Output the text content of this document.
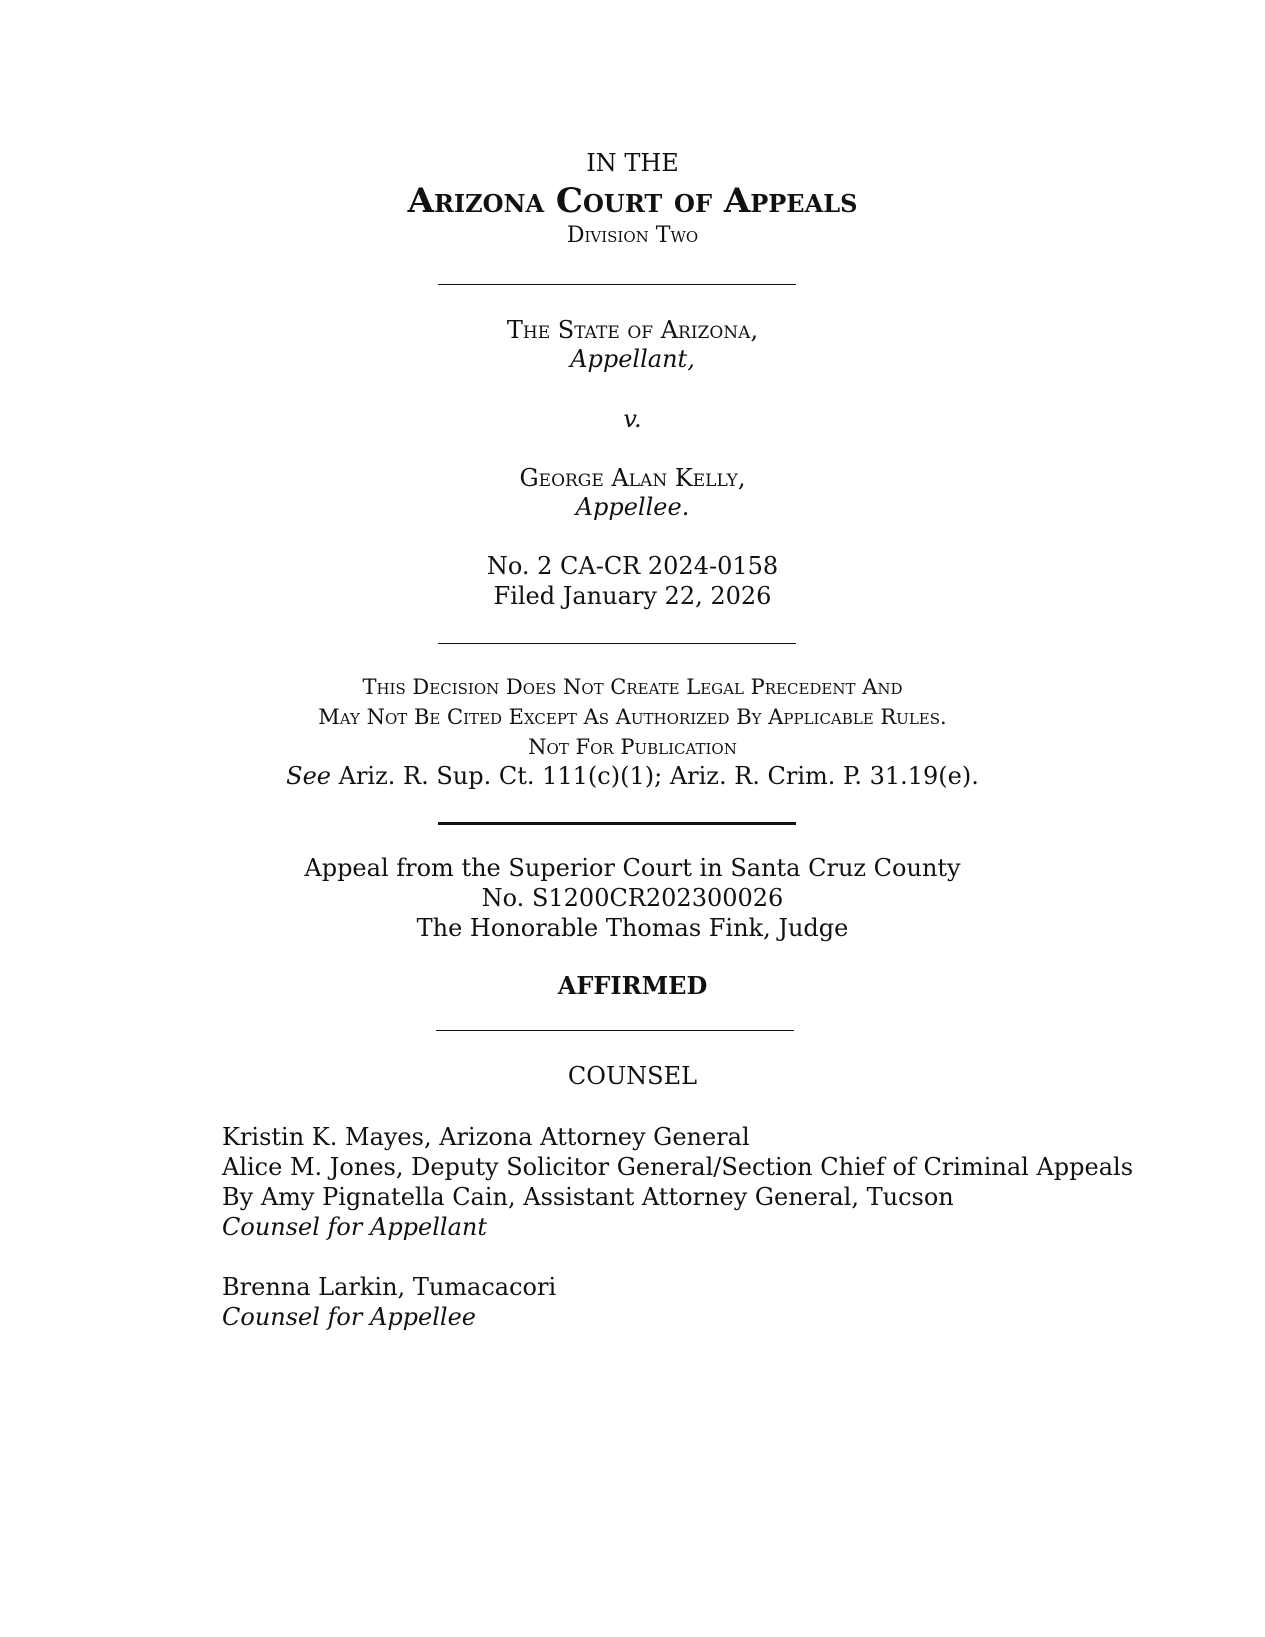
IN THE
Arizona Court of Appeals
Division Two
The State of Arizona,
Appellant,
v.
George Alan Kelly,
Appellee.
No. 2 CA-CR 2024-0158
Filed January 22, 2026
This Decision Does Not Create Legal Precedent And
May Not Be Cited Except As Authorized By Applicable Rules.
Not For Publication
See Ariz. R. Sup. Ct. 111(c)(1); Ariz. R. Crim. P. 31.19(e).
Appeal from the Superior Court in Santa Cruz County
No. S1200CR202300026
The Honorable Thomas Fink, Judge
AFFIRMED
COUNSEL
Kristin K. Mayes, Arizona Attorney General
Alice M. Jones, Deputy Solicitor General/Section Chief of Criminal Appeals
By Amy Pignatella Cain, Assistant Attorney General, Tucson
Counsel for Appellant
Brenna Larkin, Tumacacori
Counsel for Appellee
